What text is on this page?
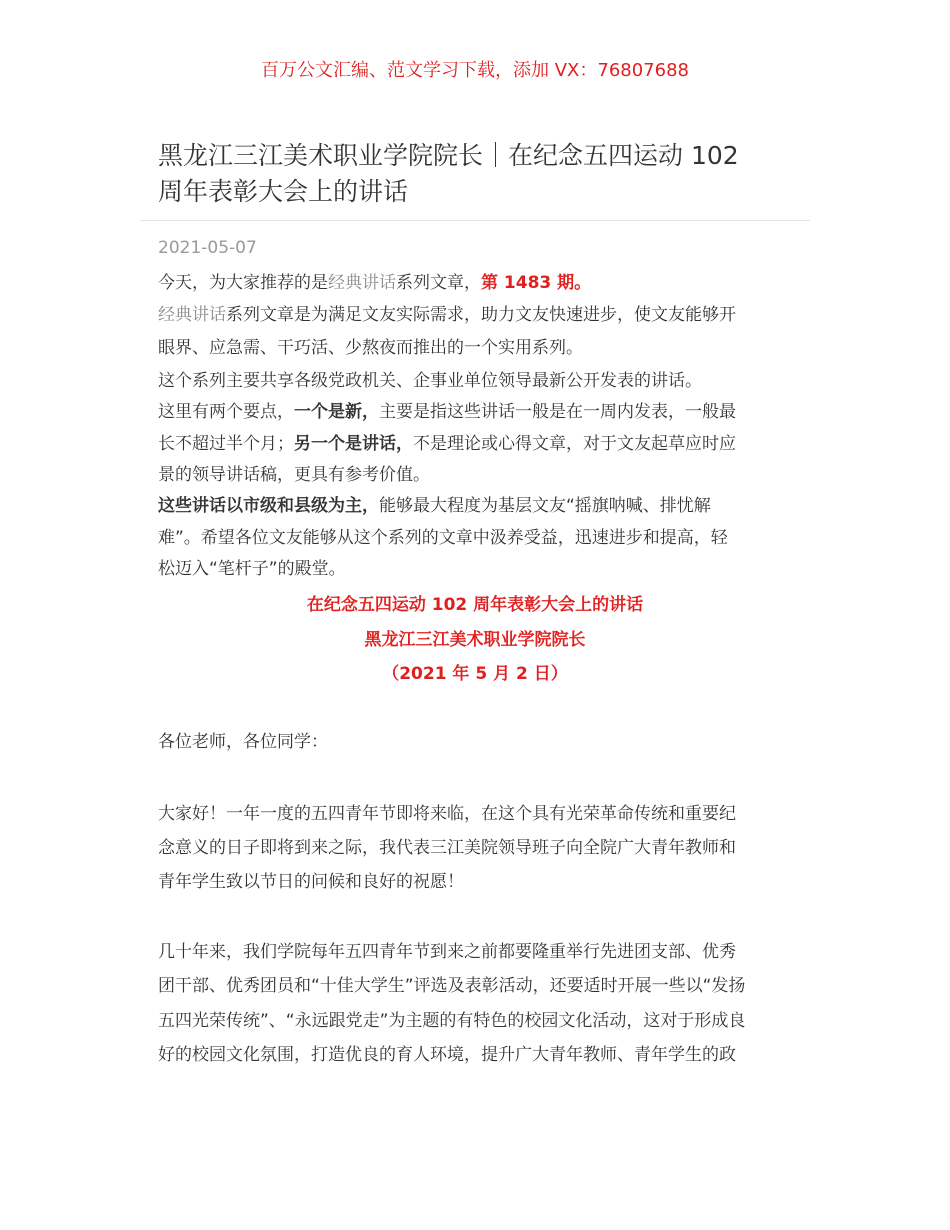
百万公文汇编、范文学习下载，添加 VX：76807688
黑龙江三江美术职业学院院长｜在纪念五四运动 102
周年表彰大会上的讲话
2021-05-07
今天，为大家推荐的是经典讲话系列文章，第 1483 期。
经典讲话系列文章是为满足文友实际需求，助力文友快速进步，使文友能够开
眼界、应急需、干巧活、少熬夜而推出的一个实用系列。
这个系列主要共享各级党政机关、企事业单位领导最新公开发表的讲话。
这里有两个要点，一个是新，主要是指这些讲话一般是在一周内发表，一般最
长不超过半个月；另一个是讲话，不是理论或心得文章，对于文友起草应时应
景的领导讲话稿，更具有参考价值。
这些讲话以市级和县级为主，能够最大程度为基层文友“摇旗呐喊、排忧解
难”。希望各位文友能够从这个系列的文章中汲养受益，迅速进步和提高，轻
松迈入“笔杆子”的殿堂。
在纪念五四运动 102 周年表彰大会上的讲话
黑龙江三江美术职业学院院长
（2021 年 5 月 2 日）
各位老师，各位同学：
大家好！一年一度的五四青年节即将来临，在这个具有光荣革命传统和重要纪
念意义的日子即将到来之际，我代表三江美院领导班子向全院广大青年教师和
青年学生致以节日的问候和良好的祝愿！
几十年来，我们学院每年五四青年节到来之前都要隆重举行先进团支部、优秀
团干部、优秀团员和“十佳大学生”评选及表彰活动，还要适时开展一些以“发扬
五四光荣传统”、“永远跟党走”为主题的有特色的校园文化活动，这对于形成良
好的校园文化氛围，打造优良的育人环境，提升广大青年教师、青年学生的政
